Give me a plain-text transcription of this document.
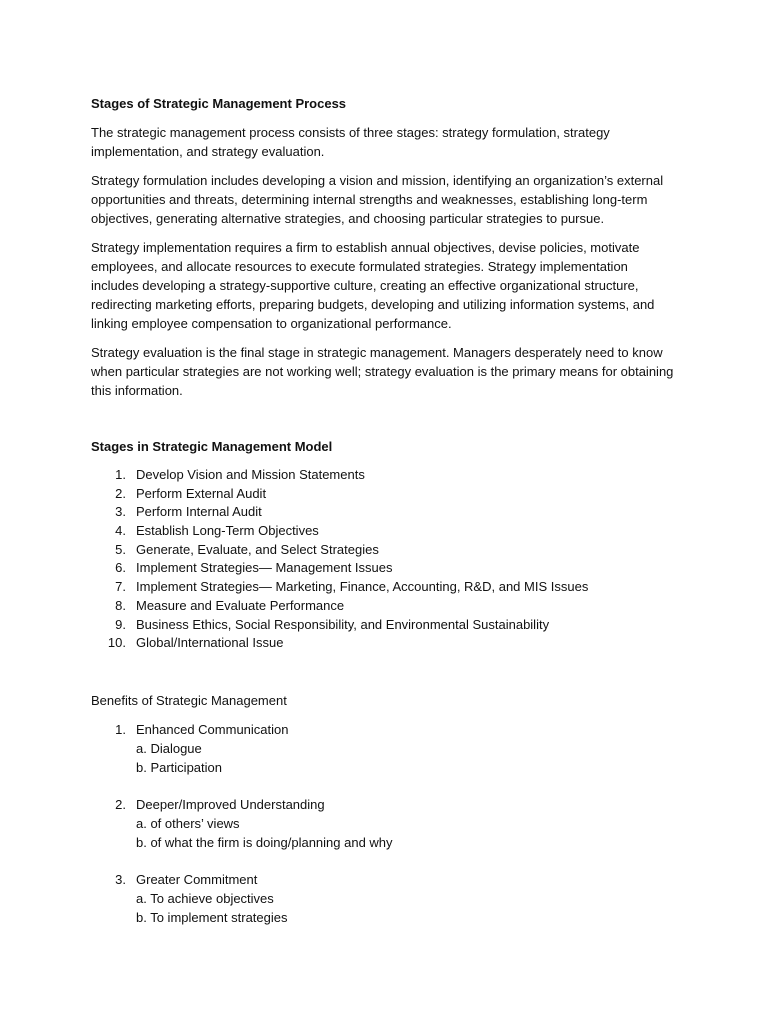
Stages of Strategic Management Process

The strategic management process consists of three stages: strategy formulation, strategy implementation, and strategy evaluation.

Strategy formulation includes developing a vision and mission, identifying an organization’s external opportunities and threats, determining internal strengths and weaknesses, establishing long-term objectives, generating alternative strategies, and choosing particular strategies to pursue.

Strategy implementation requires a firm to establish annual objectives, devise policies, motivate employees, and allocate resources to execute formulated strategies. Strategy implementation includes developing a strategy-supportive culture, creating an effective organizational structure, redirecting marketing efforts, preparing budgets, developing and utilizing information systems, and linking employee compensation to organizational performance.

Strategy evaluation is the final stage in strategic management. Managers desperately need to know when particular strategies are not working well; strategy evaluation is the primary means for obtaining this information.

Stages in Strategic Management Model
1. Develop Vision and Mission Statements
2. Perform External Audit
3. Perform Internal Audit
4. Establish Long-Term Objectives
5. Generate, Evaluate, and Select Strategies
6. Implement Strategies— Management Issues
7. Implement Strategies— Marketing, Finance, Accounting, R&D, and MIS Issues
8. Measure and Evaluate Performance
9. Business Ethics, Social Responsibility, and Environmental Sustainability
10. Global/International Issue
Benefits of Strategic Management
1. Enhanced Communication
a. Dialogue
b. Participation
2. Deeper/Improved Understanding
a. of others’ views
b. of what the firm is doing/planning and why
3. Greater Commitment
a. To achieve objectives
b. To implement strategies
